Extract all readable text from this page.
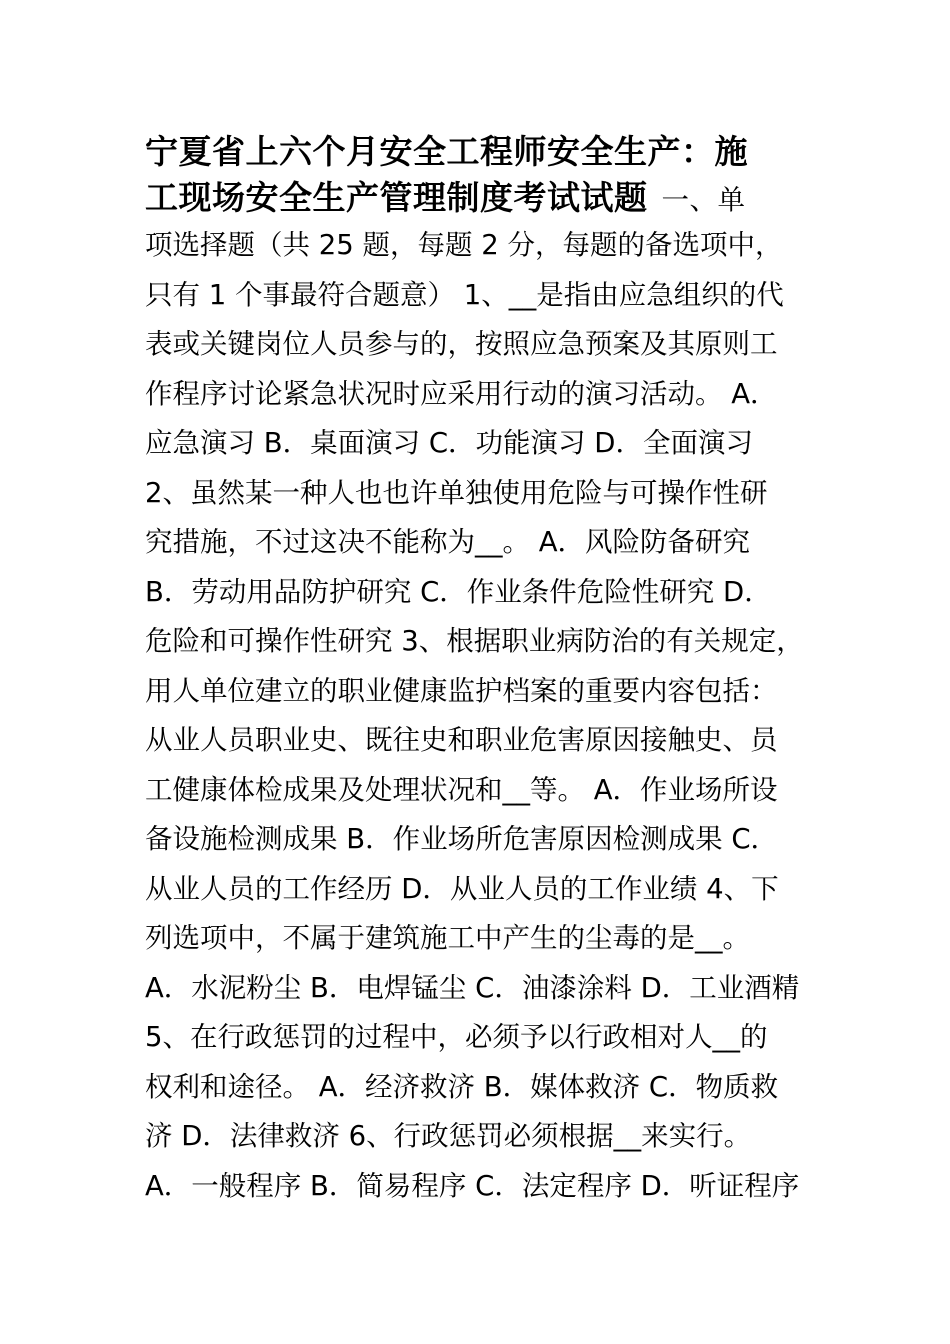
宁夏省上六个月安全工程师安全生产：施
工现场安全生产管理制度考试试题 一、单
项选择题（共 25 题，每题 2 分，每题的备选项中，
只有 1 个事最符合题意） 1、__是指由应急组织的代
表或关键岗位人员参与的，按照应急预案及其原则工
作程序讨论紧急状况时应采用行动的演习活动。 A．
应急演习 B．桌面演习 C．功能演习 D．全面演习
2、虽然某一种人也也许单独使用危险与可操作性研
究措施，不过这决不能称为__。 A．风险防备研究
B．劳动用品防护研究 C．作业条件危险性研究 D．
危险和可操作性研究 3、根据职业病防治的有关规定，
用人单位建立的职业健康监护档案的重要内容包括：
从业人员职业史、既往史和职业危害原因接触史、员
工健康体检成果及处理状况和__等。 A．作业场所设
备设施检测成果 B．作业场所危害原因检测成果 C．
从业人员的工作经历 D．从业人员的工作业绩 4、下
列选项中，不属于建筑施工中产生的尘毒的是__。
A．水泥粉尘 B．电焊锰尘 C．油漆涂料 D．工业酒精
5、在行政惩罚的过程中，必须予以行政相对人__的
权利和途径。 A．经济救济 B．媒体救济 C．物质救
济 D．法律救济 6、行政惩罚必须根据__来实行。
A．一般程序 B．简易程序 C．法定程序 D．听证程序
